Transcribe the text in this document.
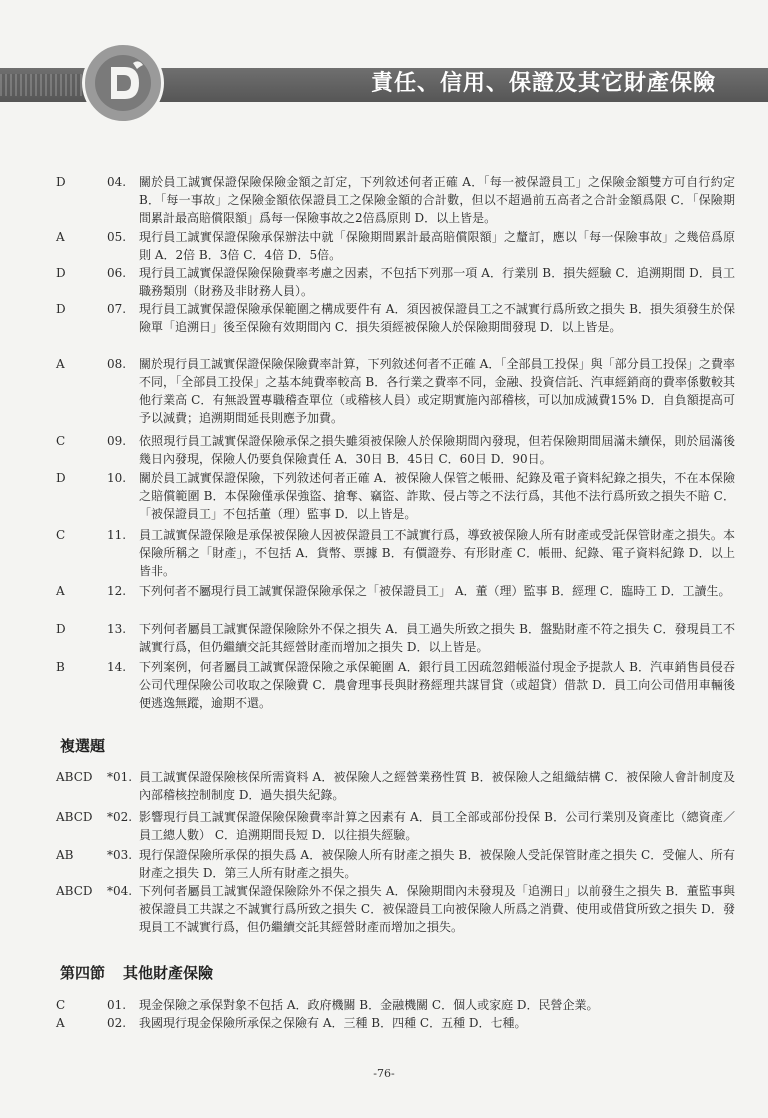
責任、信用、保證及其它財產保險
D	04. 關於員工誠實保證保險保險金額之訂定，下列敘述何者正確 A．「每一被保證員工」之保險金額雙方可自行約定 B．「每一事故」之保險金額依保證員工之保險金額的合計數，但以不超過前五高者之合計金額爲限 C．「保險期間累計最高賠償限額」爲每一保險事故之2倍爲原則 D．以上皆是。
A	05. 現行員工誠實保證保險承保辦法中就「保險期間累計最高賠償限額」之釐訂，應以「每一保險事故」之幾倍爲原則 A．2倍 B．3倍 C．4倍 D．5倍。
D	06. 現行員工誠實保證保險保險費率考慮之因素，不包括下列那一項 A．行業別 B．損失經驗 C．追溯期間 D．員工職務類別（財務及非財務人員）。
D	07. 現行員工誠實保證保險承保範圍之構成要件有 A．須因被保證員工之不誠實行爲所致之損失 B．損失須發生於保險單「追溯日」後至保險有效期間內 C．損失須經被保險人於保險期間發現 D．以上皆是。
A	08. 關於現行員工誠實保證保險保險費率計算，下列敘述何者不正確 A．「全部員工投保」與「部分員工投保」之費率不同，「全部員工投保」之基本純費率較高 B．各行業之費率不同，金融、投資信託、汽車經銷商的費率係數較其他行業高 C．有無設置專職稽查單位（或稽核人員）或定期實施內部稽核，可以加成減費15% D．自負額提高可予以減費；追溯期間延長則應予加費。
C	09. 依照現行員工誠實保證保險承保之損失雖須被保險人於保險期間內發現，但若保險期間屆滿未續保，則於屆滿後幾日內發現，保險人仍要負保險責任 A．30日 B．45日 C．60日 D．90日。
D	10. 關於員工誠實保證保險，下列敘述何者正確 A．被保險人保管之帳冊、紀錄及電子資料紀錄之損失，不在本保險之賠償範圍 B．本保險僅承保強盜、搶奪、竊盜、詐欺、侵占等之不法行爲，其他不法行爲所致之損失不賠 C．「被保證員工」不包括董（理）監事 D．以上皆是。
C	11. 員工誠實保證保險是承保被保險人因被保證員工不誠實行爲，導致被保險人所有財產或受託保管財產之損失。本保險所稱之「財產」，不包括 A．貨幣、票據 B．有價證券、有形財產 C．帳冊、紀錄、電子資料紀錄 D．以上皆非。
A	12. 下列何者不屬現行員工誠實保證保險承保之「被保證員工」 A．董（理）監事 B．經理 C．臨時工 D．工讀生。
D	13. 下列何者屬員工誠實保證保險除外不保之損失 A．員工過失所致之損失 B．盤點財產不符之損失 C．發現員工不誠實行爲，但仍繼續交託其經營財產而增加之損失 D．以上皆是。
B	14. 下列案例，何者屬員工誠實保證保險之承保範圍 A．銀行員工因疏忽錯帳溢付現金予提款人 B．汽車銷售員侵吞公司代理保險公司收取之保險費 C．農會理事長與財務經理共謀冒貸（或超貸）借款 D．員工向公司借用車輛後便逃逸無蹤，逾期不還。
複選題
ABCD *01. 員工誠實保證保險核保所需資料 A．被保險人之經營業務性質 B．被保險人之組織結構 C．被保險人會計制度及內部稽核控制制度 D．過失損失紀錄。
ABCD *02. 影響現行員工誠實保證保險保險費率計算之因素有 A．員工全部或部份投保 B．公司行業別及資產比（總資產／員工總人數） C．追溯期間長短 D．以往損失經驗。
AB	*03. 現行保證保險所承保的損失爲 A．被保險人所有財產之損失 B．被保險人受託保管財產之損失 C．受僱人、所有財產之損失 D．第三人所有財產之損失。
ABCD *04. 下列何者屬員工誠實保證保險除外不保之損失 A．保險期間內未發現及「追溯日」以前發生之損失 B．董監事與被保證員工共謀之不誠實行爲所致之損失 C．被保證員工向被保險人所爲之消費、使用或借貸所致之損失 D．發現員工不誠實行爲，但仍繼續交託其經營財產而增加之損失。
第四節 其他財產保險
C	01. 現金保險之承保對象不包括 A．政府機關 B．金融機關 C．個人或家庭 D．民營企業。
A	02. 我國現行現金保險所承保之保險有 A．三種 B．四種 C．五種 D．七種。
-76-
